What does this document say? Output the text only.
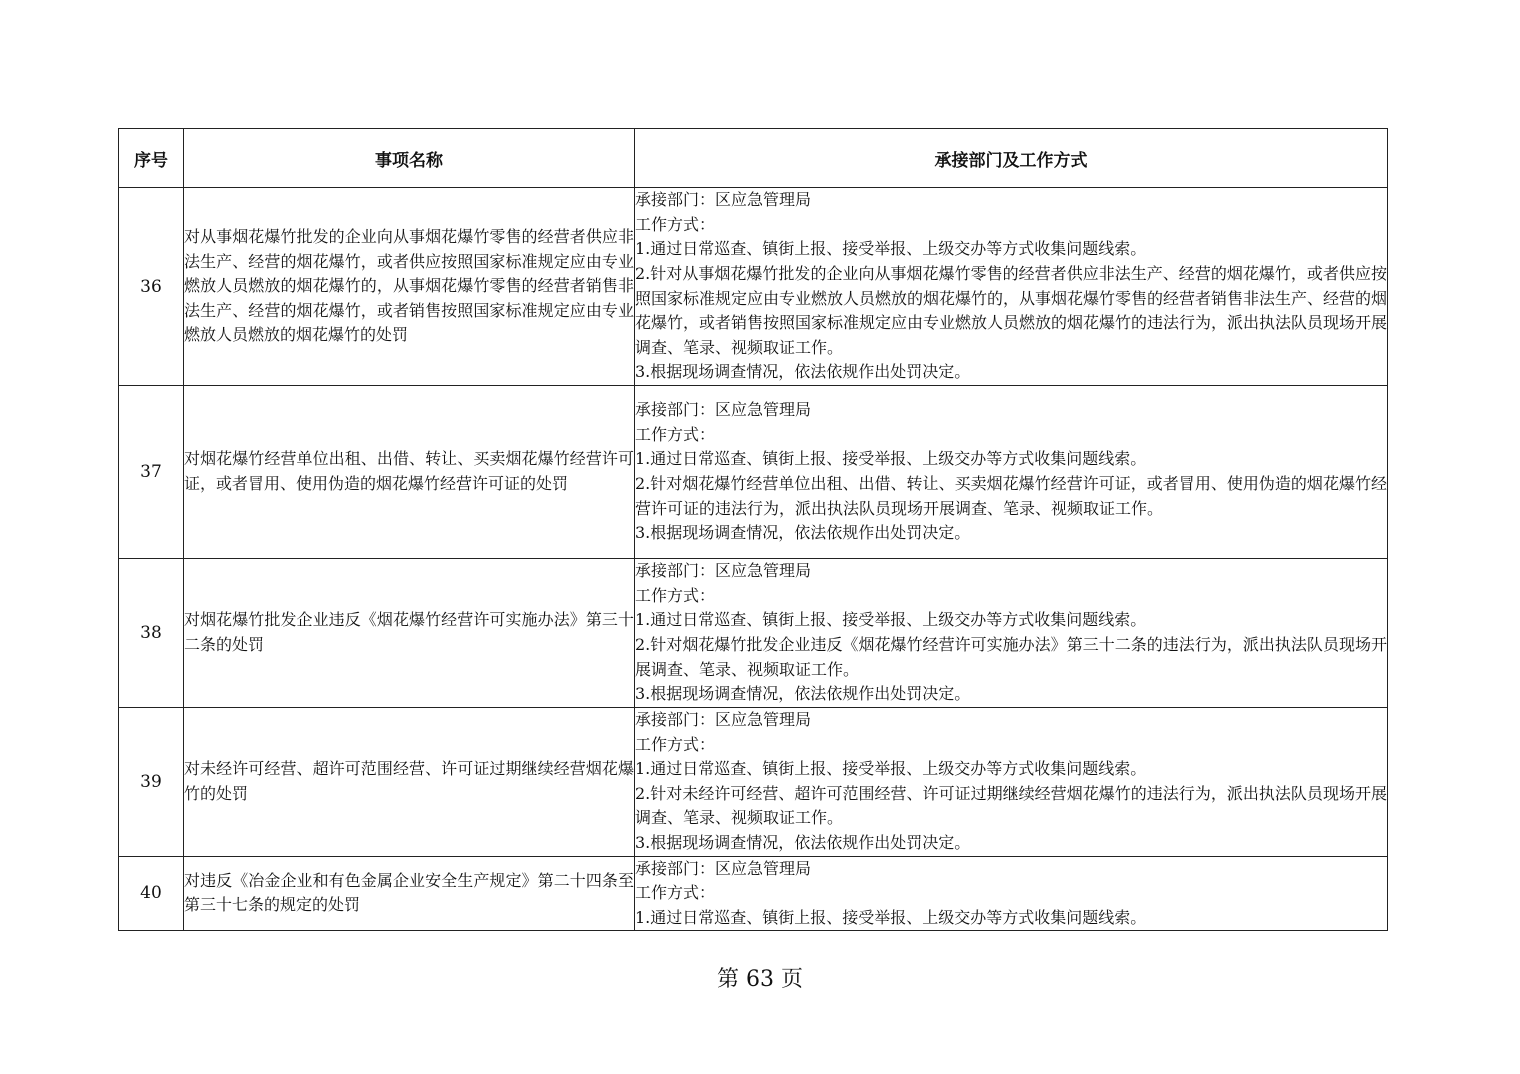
序号	事项名称	承接部门及工作方式
36	对从事烟花爆竹批发的企业向从事烟花爆竹零售的经营者供应非法生产、经营的烟花爆竹，或者供应按照国家标准规定应由专业燃放人员燃放的烟花爆竹的，从事烟花爆竹零售的经营者销售非法生产、经营的烟花爆竹，或者销售按照国家标准规定应由专业燃放人员燃放的烟花爆竹的处罚	承接部门：区应急管理局
工作方式：
1.通过日常巡查、镇街上报、接受举报、上级交办等方式收集问题线索。
2.针对从事烟花爆竹批发的企业向从事烟花爆竹零售的经营者供应非法生产、经营的烟花爆竹，或者供应按照国家标准规定应由专业燃放人员燃放的烟花爆竹的，从事烟花爆竹零售的经营者销售非法生产、经营的烟花爆竹，或者销售按照国家标准规定应由专业燃放人员燃放的烟花爆竹的违法行为，派出执法队员现场开展调查、笔录、视频取证工作。
3.根据现场调查情况，依法依规作出处罚决定。

37	对烟花爆竹经营单位出租、出借、转让、买卖烟花爆竹经营许可证，或者冒用、使用伪造的烟花爆竹经营许可证的处罚	承接部门：区应急管理局
工作方式：
1.通过日常巡查、镇街上报、接受举报、上级交办等方式收集问题线索。
2.针对烟花爆竹经营单位出租、出借、转让、买卖烟花爆竹经营许可证，或者冒用、使用伪造的烟花爆竹经营许可证的违法行为，派出执法队员现场开展调查、笔录、视频取证工作。
3.根据现场调查情况，依法依规作出处罚决定。

38	对烟花爆竹批发企业违反《烟花爆竹经营许可实施办法》第三十二条的处罚	承接部门：区应急管理局
工作方式：
1.通过日常巡查、镇街上报、接受举报、上级交办等方式收集问题线索。
2.针对烟花爆竹批发企业违反《烟花爆竹经营许可实施办法》第三十二条的违法行为，派出执法队员现场开展调查、笔录、视频取证工作。
3.根据现场调查情况，依法依规作出处罚决定。

39	对未经许可经营、超许可范围经营、许可证过期继续经营烟花爆竹的处罚	承接部门：区应急管理局
工作方式：
1.通过日常巡查、镇街上报、接受举报、上级交办等方式收集问题线索。
2.针对未经许可经营、超许可范围经营、许可证过期继续经营烟花爆竹的违法行为，派出执法队员现场开展调查、笔录、视频取证工作。
3.根据现场调查情况，依法依规作出处罚决定。

40	对违反《冶金企业和有色金属企业安全生产规定》第二十四条至第三十七条的规定的处罚	承接部门：区应急管理局
工作方式：
1.通过日常巡查、镇街上报、接受举报、上级交办等方式收集问题线索。
第 63 页
